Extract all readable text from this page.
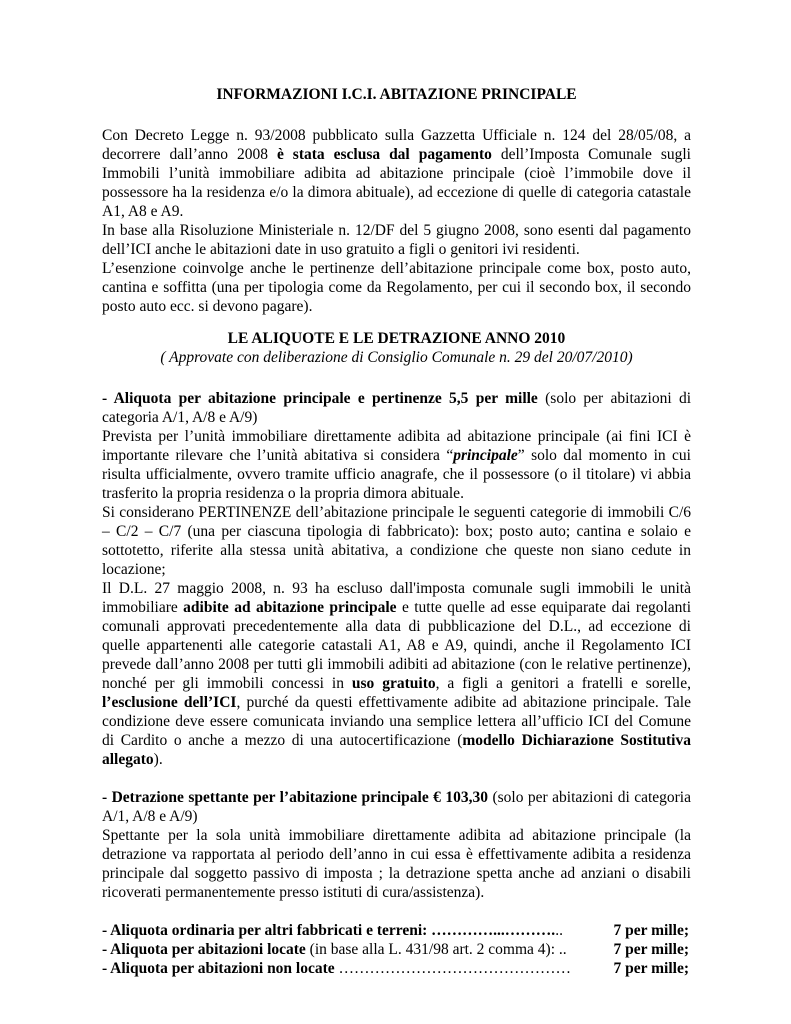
INFORMAZIONI I.C.I. ABITAZIONE PRINCIPALE

Con Decreto Legge n. 93/2008 pubblicato sulla Gazzetta Ufficiale n. 124 del 28/05/08, a decorrere dall’anno 2008 è stata esclusa dal pagamento dell’Imposta Comunale sugli Immobili l’unità immobiliare adibita ad abitazione principale (cioè l’immobile dove il possessore ha la residenza e/o la dimora abituale), ad eccezione di quelle di categoria catastale A1, A8 e A9.

In base alla Risoluzione Ministeriale n. 12/DF del 5 giugno 2008, sono esenti dal pagamento dell’ICI anche le abitazioni date in uso gratuito a figli o genitori ivi residenti.

L’esenzione coinvolge anche le pertinenze dell’abitazione principale come box, posto auto, cantina e soffitta (una per tipologia come da Regolamento, per cui il secondo box, il secondo posto auto ecc. si devono pagare).

LE ALIQUOTE E LE DETRAZIONE ANNO 2010
( Approvate con deliberazione di Consiglio Comunale n. 29 del 20/07/2010)

- Aliquota per abitazione principale e pertinenze 5,5 per mille (solo per abitazioni di categoria A/1, A/8 e A/9)

Prevista per l’unità immobiliare direttamente adibita ad abitazione principale (ai fini ICI è importante rilevare che l’unità abitativa si considera “principale” solo dal momento in cui risulta ufficialmente, ovvero tramite ufficio anagrafe, che il possessore (o il titolare) vi abbia trasferito la propria residenza o la propria dimora abituale.

Si considerano PERTINENZE dell’abitazione principale le seguenti categorie di immobili C/6 – C/2 – C/7 (una per ciascuna tipologia di fabbricato): box; posto auto; cantina e solaio e sottotetto, riferite alla stessa unità abitativa, a condizione che queste non siano cedute in locazione;

Il D.L. 27 maggio 2008, n. 93 ha escluso dall'imposta comunale sugli immobili le unità immobiliare adibite ad abitazione principale e tutte quelle ad esse equiparate dai regolanti comunali approvati precedentemente alla data di pubblicazione del D.L., ad eccezione di quelle appartenenti alle categorie catastali A1, A8 e A9, quindi, anche il Regolamento ICI prevede dall’anno 2008 per tutti gli immobili adibiti ad abitazione (con le relative pertinenze), nonché per gli immobili concessi in uso gratuito, a figli a genitori a fratelli e sorelle, l’esclusione dell’ICI, purché da questi effettivamente adibite ad abitazione principale. Tale condizione deve essere comunicata inviando una semplice lettera all’ufficio ICI del Comune di Cardito o anche a mezzo di una autocertificazione (modello Dichiarazione Sostitutiva allegato).

- Detrazione spettante per l’abitazione principale € 103,30 (solo per abitazioni di categoria A/1, A/8 e A/9)

Spettante per la sola unità immobiliare direttamente adibita ad abitazione principale (la detrazione va rapportata al periodo dell’anno in cui essa è effettivamente adibita a residenza principale dal soggetto passivo di imposta ; la detrazione spetta anche ad anziani o disabili ricoverati permanentemente presso istituti di cura/assistenza).

- Aliquota ordinaria per altri fabbricati e terreni: …………...………...	7 per mille;
- Aliquota per abitazioni locate (in base alla L. 431/98 art. 2 comma 4): ..	7 per mille;
- Aliquota per abitazioni non locate ………………………………………	7 per mille;
